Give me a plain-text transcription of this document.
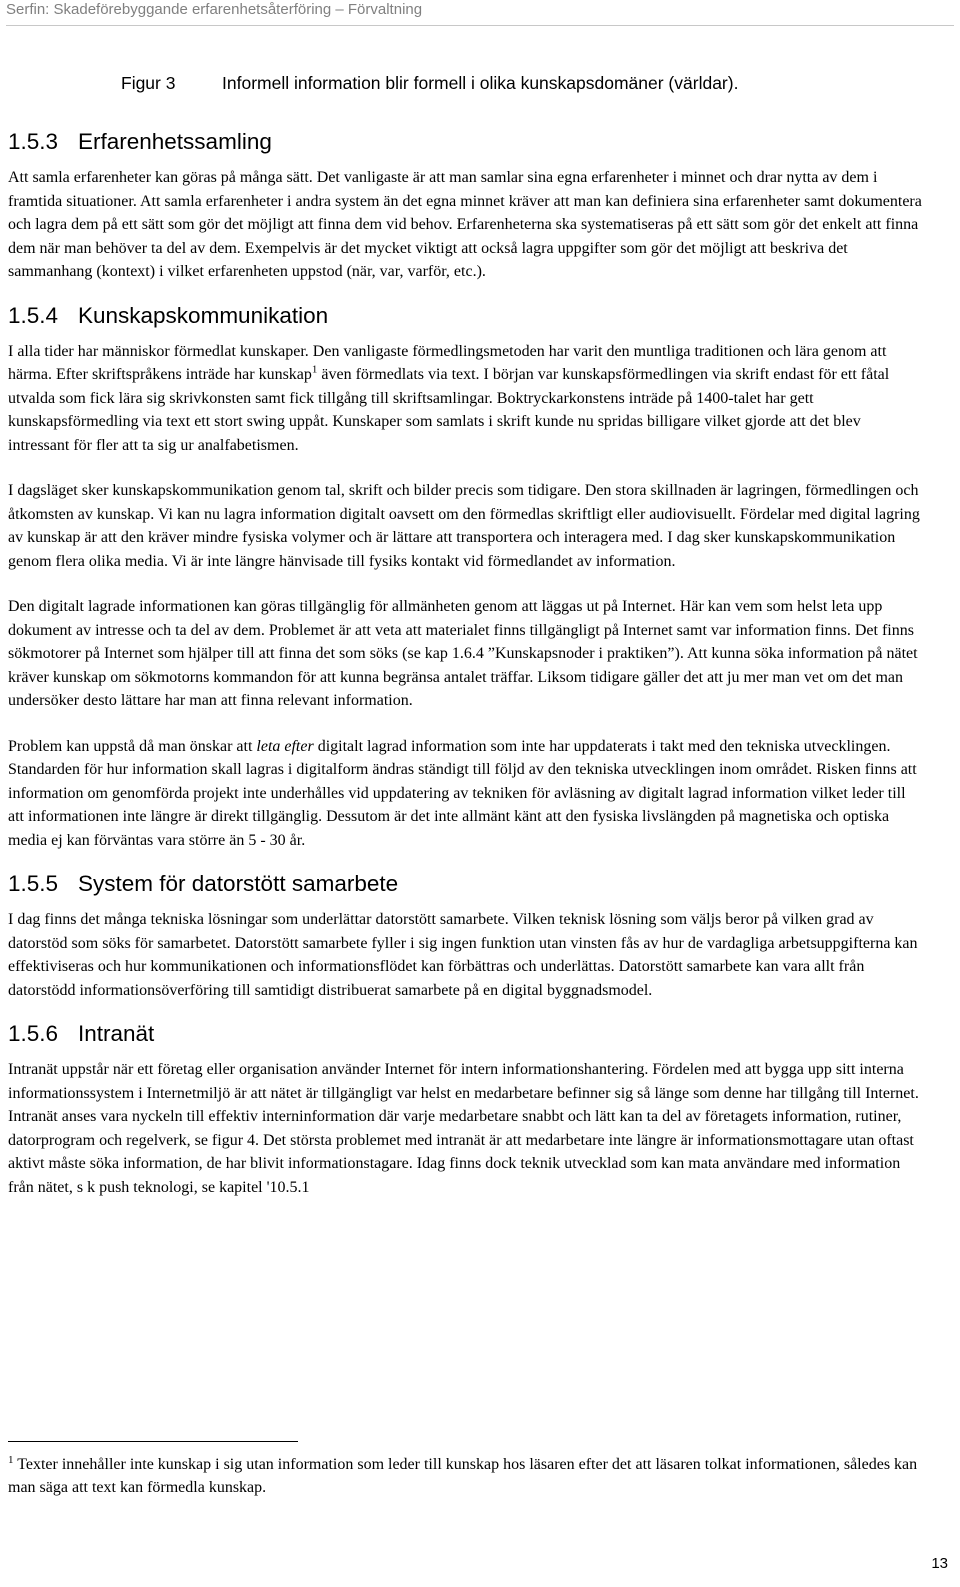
Serfin: Skadeförebyggande erfarenhetsåterföring – Förvaltning
Figur 3	Informell information blir formell i olika kunskapsdomäner (världar).
1.5.3 Erfarenhetssamling

Att samla erfarenheter kan göras på många sätt. Det vanligaste är att man samlar sina egna erfarenheter i minnet och drar nytta av dem i framtida situationer. Att samla erfarenheter i andra system än det egna minnet kräver att man kan definiera sina erfarenheter samt dokumentera och lagra dem på ett sätt som gör det möjligt att finna dem vid behov. Erfarenheterna ska systematiseras på ett sätt som gör det enkelt att finna dem när man behöver ta del av dem. Exempelvis är det mycket viktigt att också lagra uppgifter som gör det möjligt att beskriva det sammanhang (kontext) i vilket erfarenheten uppstod (när, var, varför, etc.).

1.5.4 Kunskapskommunikation

I alla tider har människor förmedlat kunskaper. Den vanligaste förmedlingsmetoden har varit den muntliga traditionen och lära genom att härma. Efter skriftspråkens inträde har kunskap$^1$ även förmedlats via text. I början var kunskapsförmedlingen via skrift endast för ett fåtal utvalda som fick lära sig skrivkonsten samt fick tillgång till skriftsamlingar. Boktryckarkonstens inträde på 1400-talet har gett kunskapsförmedling via text ett stort swing uppåt. Kunskaper som samlats i skrift kunde nu spridas billigare vilket gjorde att det blev intressant för fler att ta sig ur analfabetismen.

I dagsläget sker kunskapskommunikation genom tal, skrift och bilder precis som tidigare. Den stora skillnaden är lagringen, förmedlingen och åtkomsten av kunskap. Vi kan nu lagra information digitalt oavsett om den förmedlas skriftligt eller audiovisuellt. Fördelar med digital lagring av kunskap är att den kräver mindre fysiska volymer och är lättare att transportera och interagera med. I dag sker kunskapskommunikation genom flera olika media. Vi är inte längre hänvisade till fysiks kontakt vid förmedlandet av information.

Den digitalt lagrade informationen kan göras tillgänglig för allmänheten genom att läggas ut på Internet. Här kan vem som helst leta upp dokument av intresse och ta del av dem. Problemet är att veta att materialet finns tillgängligt på Internet samt var information finns. Det finns sökmotorer på Internet som hjälper till att finna det som söks (se kap 1.6.4 ”Kunskapsnoder i praktiken”). Att kunna söka information på nätet kräver kunskap om sökmotorns kommandon för att kunna begränsa antalet träffar. Liksom tidigare gäller det att ju mer man vet om det man undersöker desto lättare har man att finna relevant information.

Problem kan uppstå då man önskar att leta efter digitalt lagrad information som inte har uppdaterats i takt med den tekniska utvecklingen. Standarden för hur information skall lagras i digitalform ändras ständigt till följd av den tekniska utvecklingen inom området. Risken finns att information om genomförda projekt inte underhålles vid uppdatering av tekniken för avläsning av digitalt lagrad information vilket leder till att informationen inte längre är direkt tillgänglig. Dessutom är det inte allmänt känt att den fysiska livslängden på magnetiska och optiska media ej kan förväntas vara större än 5 - 30 år.

1.5.5 System för datorstött samarbete

I dag finns det många tekniska lösningar som underlättar datorstött samarbete. Vilken teknisk lösning som väljs beror på vilken grad av datorstöd som söks för samarbetet. Datorstött samarbete fyller i sig ingen funktion utan vinsten fås av hur de vardagliga arbetsuppgifterna kan effektiviseras och hur kommunikationen och informationsflödet kan förbättras och underlättas. Datorstött samarbete kan vara allt från datorstödd informationsöverföring till samtidigt distribuerat samarbete på en digital byggnadsmodel.

1.5.6 Intranät

Intranät uppstår när ett företag eller organisation använder Internet för intern informationshantering. Fördelen med att bygga upp sitt interna informationssystem i Internetmiljö är att nätet är tillgängligt var helst en medarbetare befinner sig så länge som denne har tillgång till Internet. Intranät anses vara nyckeln till effektiv interninformation där varje medarbetare snabbt och lätt kan ta del av företagets information, rutiner, datorprogram och regelverk, se figur 4. Det största problemet med intranät är att medarbetare inte längre är informationsmottagare utan oftast aktivt måste söka information, de har blivit informationstagare. Idag finns dock teknik utvecklad som kan mata användare med information från nätet, s k push teknologi, se kapitel '10.5.1

$^1$ Texter innehåller inte kunskap i sig utan information som leder till kunskap hos läsaren efter det att läsaren tolkat informationen, således kan man säga att text kan förmedla kunskap.
13
